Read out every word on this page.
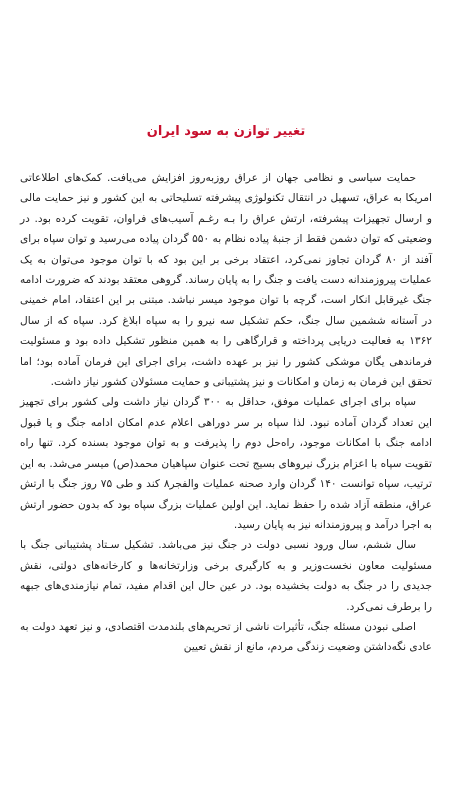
تغییر توازن به سود ایران

حمایت سیاسی و نظامی جهان از عراق روزبه‌روز افزایش می‌یافت. کمک‌های اطلاعاتی امریکا به عراق، تسهیل در انتقال تکنولوژی پیشرفته تسلیحاتی به این کشور و نیز حمایت مالی و ارسال تجهیزات پیشرفته، ارتش عراق را بـه رغـم آسیب‌های فراوان، تقویت کرده بود. در وضعیتی که توان دشمن فقط از جنبهٔ پیاده نظام به ۵۵۰ گردان پیاده می‌رسید و توان سپاه برای آفند از ۸۰ گردان تجاوز نمی‌کرد، اعتقاد برخی بر این بود که با توان موجود می‌توان به یک عملیات پیروزمندانه دست یافت و جنگ را به پایان رساند. گروهی معتقد بودند که ضرورت ادامه جنگ غیرقابل انکار است، گرچه با توان موجود میسر نباشد. مبتنی بر این اعتقاد، امام خمینی در آستانه ششمین سال جنگ، حکم تشکیل سه نیرو را به سپاه ابلاغ کرد. سپاه که از سال ۱۳۶۲ به فعالیت دریایی پرداخته و قرارگاهی را به همین منظور تشکیل داده بود و مسئولیت فرماندهی یگان موشکی کشور را نیز بر عهده داشت، برای اجرای این فرمان آماده بود؛ اما تحقق این فرمان به زمان و امکانات و نیز پشتیبانی و حمایت مسئولان کشور نیاز داشت.

سپاه برای اجرای عملیات موفق، حداقل به ۳۰۰ گردان نیاز داشت ولی کشور برای تجهیز این تعداد گردان آماده نبود. لذا سپاه بر سر دوراهی اعلام عدم امکان ادامه جنگ و یا قبول ادامه جنگ با امکانات موجود، راه‌حل دوم را پذیرفت و به توان موجود بسنده کرد. تنها راه تقویت سپاه با اعزام بزرگ نیروهای بسیج تحت عنوان سپاهیان محمد(ص) میسر می‌شد. به این ترتیب، سپاه توانست ۱۴۰ گردان وارد صحنه عملیات والفجر۸ کند و طی ۷۵ روز جنگ با ارتش عراق، منطقه آزاد شده را حفظ نماید. این اولین عملیات بزرگ سپاه بود که بدون حضور ارتش به اجرا درآمد و پیروزمندانه نیز به پایان رسید.

سال ششم، سال ورود نسبی دولت در جنگ نیز می‌باشد. تشکیل سـتاد پشتیبانی جنگ با مسئولیت معاون نخست‌وزیر و به کارگیری برخی وزارتخانه‌ها و کارخانه‌های دولتی، نقش جدیدی را در جنگ به دولت بخشیده بود. در عین حال این اقدام مفید، تمام نیازمندی‌های جبهه را برطرف نمی‌کرد.

اصلی نبودن مسئله جنگ، تأثیرات ناشی از تحریم‌های بلندمدت اقتصادی، و نیز تعهد دولت به عادی نگه‌داشتن وضعیت زندگی مردم، مانع از نقش تعیین
